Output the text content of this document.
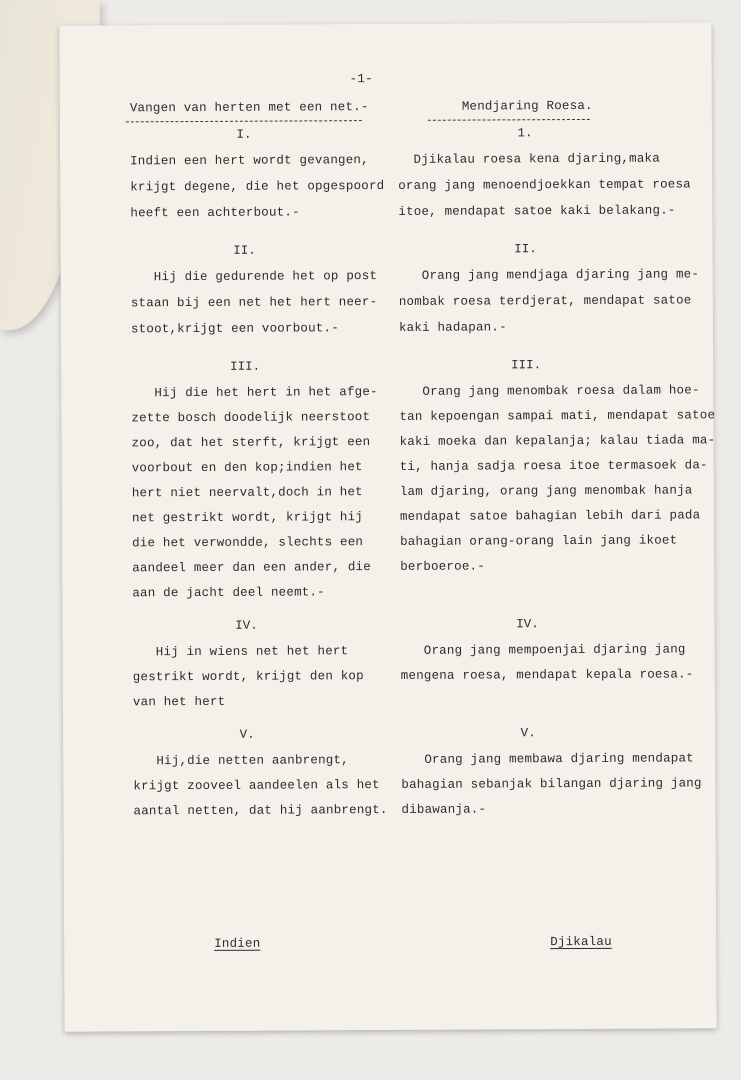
-1-
Vangen van herten met een net.-
I.
Indien een hert wordt gevangen,
krijgt degene, die het opgespoord
heeft een achterbout.-
II.
Hij die gedurende het op post
staan bij een net het hert neer-
stoot,krijgt een voorbout.-
III.
Hij die het hert in het afge-
zette bosch doodelijk neerstoot
zoo, dat het sterft, krijgt een
voorbout en den kop;indien het
hert niet neervalt,doch in het
net gestrikt wordt, krijgt hij
die het verwondde, slechts een
aandeel meer dan een ander, die
aan de jacht deel neemt.-
IV.
Hij in wiens net het hert
gestrikt wordt, krijgt den kop
van het hert
V.
Hij,die netten aanbrengt,
krijgt zooveel aandeelen als het
aantal netten, dat hij aanbrengt.
Indien
Mendjaring Roesa.
1.
Djikalau roesa kena djaring,maka
orang jang menoendjoekkan tempat roesa
itoe, mendapat satoe kaki belakang.-
II.
Orang jang mendjaga djaring jang me-
nombak roesa terdjerat, mendapat satoe
kaki hadapan.-
III.
Orang jang menombak roesa dalam hoe-
tan kepoengan sampai mati, mendapat satoe
kaki moeka dan kepalanja; kalau tiada ma-
ti, hanja sadja roesa itoe termasoek da-
lam djaring, orang jang menombak hanja
mendapat satoe bahagian lebih dari pada
bahagian orang-orang lain jang ikoet
berboeroe.-
IV.
Orang jang mempoenjai djaring jang
mengena roesa, mendapat kepala roesa.-
V.
Orang jang membawa djaring mendapat
bahagian sebanjak bilangan djaring jang
dibawanja.-
Djikalau
